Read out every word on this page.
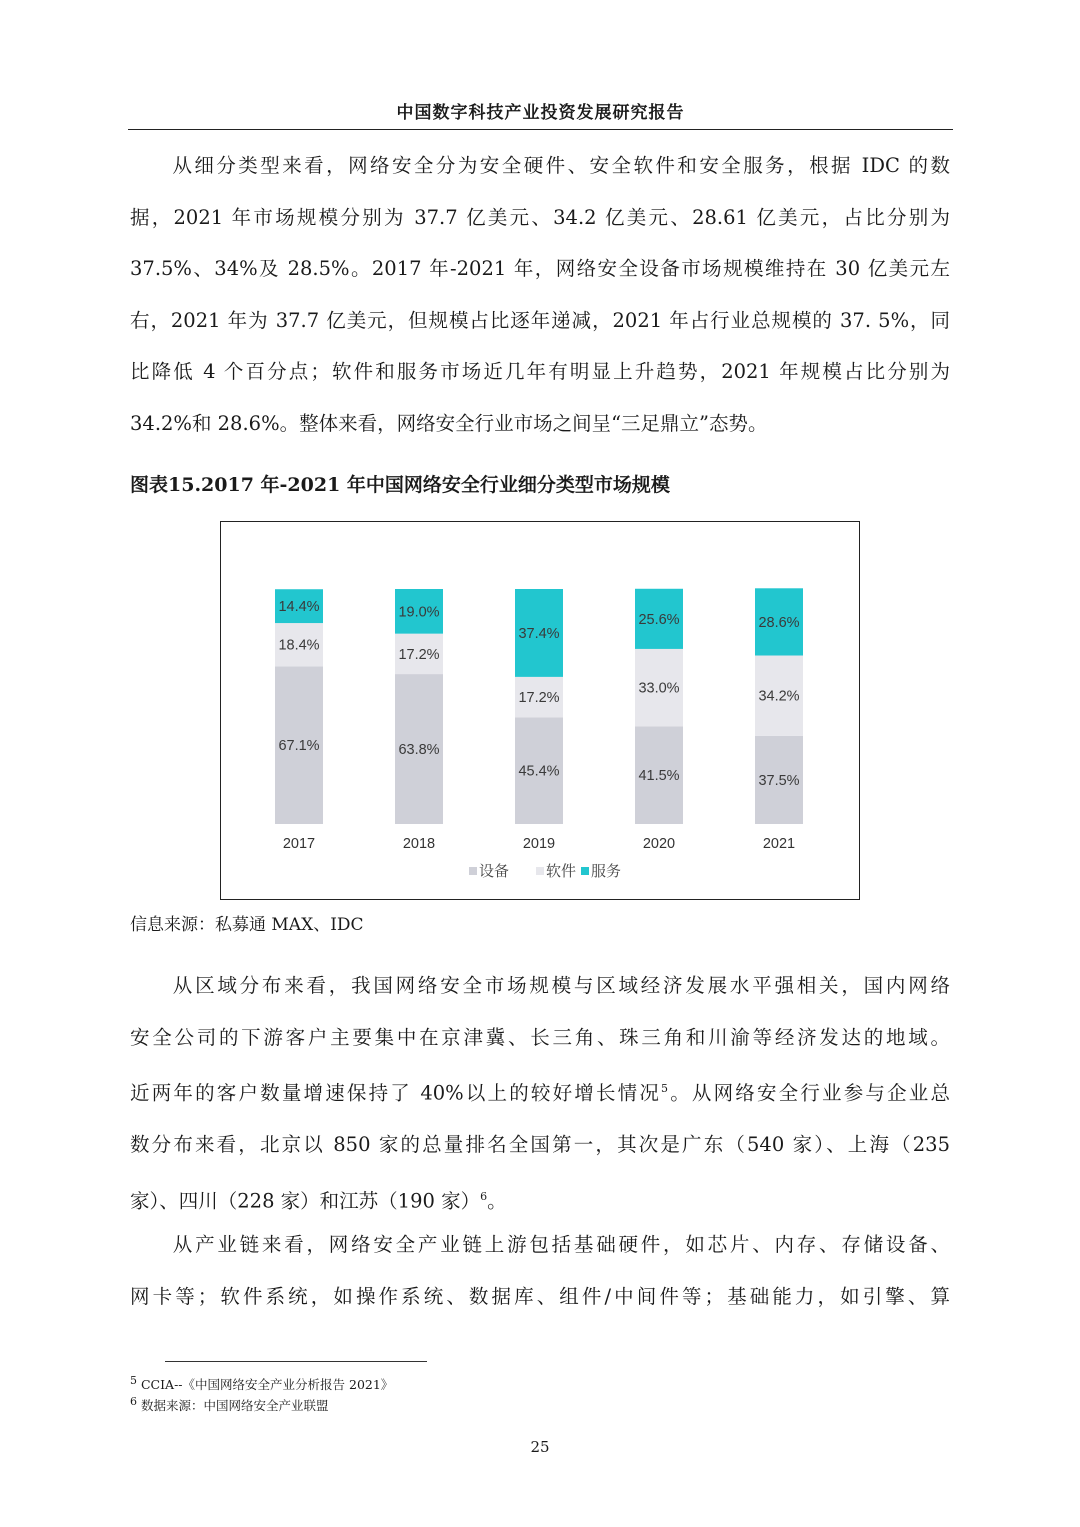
中国数字科技产业投资发展研究报告
从细分类型来看，网络安全分为安全硬件、安全软件和安全服务，根据 IDC 的数
据，2021 年市场规模分别为 37.7 亿美元、34.2 亿美元、28.61 亿美元，占比分别为
37.5%、34%及 28.5%。2017 年-2021 年，网络安全设备市场规模维持在 30 亿美元左
右，2021 年为 37.7 亿美元，但规模占比逐年递减，2021 年占行业总规模的 37. 5%，同
比降低 4 个百分点；软件和服务市场近几年有明显上升趋势，2021 年规模占比分别为
34.2%和 28.6%。整体来看，网络安全行业市场之间呈“三足鼎立”态势。
图表15.2017 年-2021 年中国网络安全行业细分类型市场规模
67.1%
18.4%
14.4%
2017
63.8%
17.2%
19.0%
2018
45.4%
17.2%
37.4%
2019
41.5%
33.0%
25.6%
2020
37.5%
34.2%
28.6%
2021
设备 软件 服务
信息来源：私募通 MAX、IDC
从区域分布来看，我国网络安全市场规模与区域经济发展水平强相关，国内网络
安全公司的下游客户主要集中在京津冀、长三角、珠三角和川渝等经济发达的地域。
近两年的客户数量增速保持了 40%以上的较好增长情况$^5$。从网络安全行业参与企业总
数分布来看，北京以 850 家的总量排名全国第一，其次是广东（540 家）、上海（235
家）、四川（228 家）和江苏（190 家）$^6$。
从产业链来看，网络安全产业链上游包括基础硬件，如芯片、内存、存储设备、
网卡等；软件系统，如操作系统、数据库、组件/中间件等；基础能力，如引擎、算
$^5$ CCIA--《中国网络安全产业分析报告 2021》
$^6$ 数据来源：中国网络安全产业联盟
25
